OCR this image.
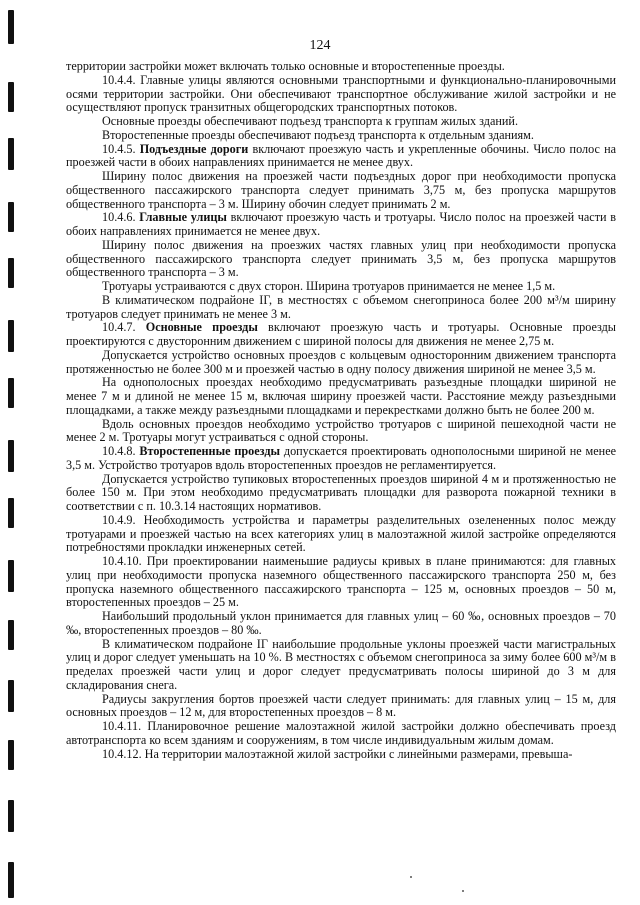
124

территории застройки может включать только основные и второстепенные проезды.

10.4.4. Главные улицы являются основными транспортными и функционально-планировочными осями территории застройки. Они обеспечивают транспортное обслуживание жилой застройки и не осуществляют пропуск транзитных общегородских транспортных потоков.

Основные проезды обеспечивают подъезд транспорта к группам жилых зданий.

Второстепенные проезды обеспечивают подъезд транспорта к отдельным зданиям.

10.4.5. Подъездные дороги включают проезжую часть и укрепленные обочины. Число полос на проезжей части в обоих направлениях принимается не менее двух.

Ширину полос движения на проезжей части подъездных дорог при необходимости пропуска общественного пассажирского транспорта следует принимать 3,75 м, без пропуска маршрутов общественного транспорта – 3 м. Ширину обочин следует принимать 2 м.

10.4.6. Главные улицы включают проезжую часть и тротуары. Число полос на проезжей части в обоих направлениях принимается не менее двух.

Ширину полос движения на проезжих частях главных улиц при необходимости пропуска общественного пассажирского транспорта следует принимать 3,5 м, без пропуска маршрутов общественного транспорта – 3 м.

Тротуары устраиваются с двух сторон. Ширина тротуаров принимается не менее 1,5 м.

В климатическом подрайоне IГ, в местностях с объемом снегоприноса более 200 м³/м ширину тротуаров следует принимать не менее 3 м.

10.4.7. Основные проезды включают проезжую часть и тротуары. Основные проезды проектируются с двусторонним движением с шириной полосы для движения не менее 2,75 м.

Допускается устройство основных проездов с кольцевым односторонним движением транспорта протяженностью не более 300 м и проезжей частью в одну полосу движения шириной не менее 3,5 м.

На однополосных проездах необходимо предусматривать разъездные площадки шириной не менее 7 м и длиной не менее 15 м, включая ширину проезжей части. Расстояние между разъездными площадками, а также между разъездными площадками и перекрестками должно быть не более 200 м.

Вдоль основных проездов необходимо устройство тротуаров с шириной пешеходной части не менее 2 м. Тротуары могут устраиваться с одной стороны.

10.4.8. Второстепенные проезды допускается проектировать однополосными шириной не менее 3,5 м. Устройство тротуаров вдоль второстепенных проездов не регламентируется.

Допускается устройство тупиковых второстепенных проездов шириной 4 м и протяженностью не более 150 м. При этом необходимо предусматривать площадки для разворота пожарной техники в соответствии с п. 10.3.14 настоящих нормативов.

10.4.9. Необходимость устройства и параметры разделительных озелененных полос между тротуарами и проезжей частью на всех категориях улиц в малоэтажной жилой застройке определяются потребностями прокладки инженерных сетей.

10.4.10. При проектировании наименьшие радиусы кривых в плане принимаются: для главных улиц при необходимости пропуска наземного общественного пассажирского транспорта 250 м, без пропуска наземного общественного пассажирского транспорта – 125 м, основных проездов – 50 м, второстепенных проездов – 25 м.

Наибольший продольный уклон принимается для главных улиц – 60 ‰, основных проездов – 70 ‰, второстепенных проездов – 80 ‰.

В климатическом подрайоне IГ наибольшие продольные уклоны проезжей части магистральных улиц и дорог следует уменьшать на 10 %. В местностях с объемом снегоприноса за зиму более 600 м³/м в пределах проезжей части улиц и дорог следует предусматривать полосы шириной до 3 м для складирования снега.

Радиусы закругления бортов проезжей части следует принимать: для главных улиц – 15 м, для основных проездов – 12 м, для второстепенных проездов – 8 м.

10.4.11. Планировочное решение малоэтажной жилой застройки должно обеспечивать проезд автотранспорта ко всем зданиям и сооружениям, в том числе индивидуальным жилым домам.

10.4.12. На территории малоэтажной жилой застройки с линейными размерами, превыша-
